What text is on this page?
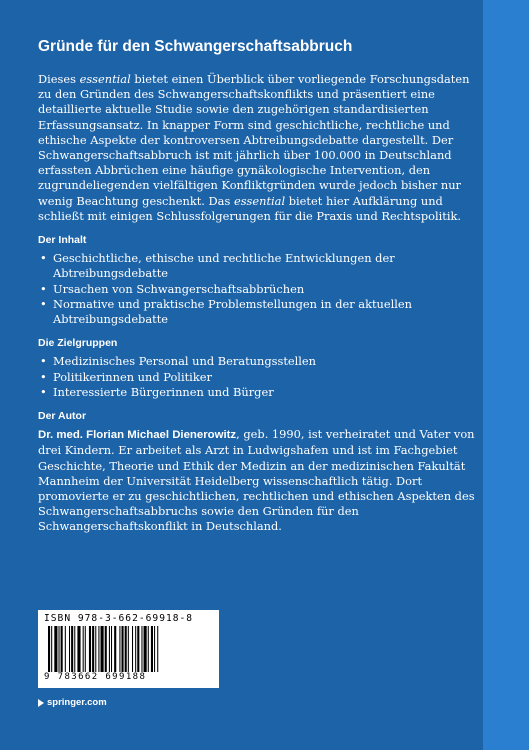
Gründe für den Schwangerschaftsabbruch

Dieses essential bietet einen Überblick über vorliegende Forschungsdaten zu den Gründen des Schwangerschaftskonflikts und präsentiert eine detaillierte aktuelle Studie sowie den zugehörigen standardisierten Erfassungsansatz. In knapper Form sind geschichtliche, rechtliche und ethische Aspekte der kontroversen Abtreibungsdebatte dargestellt. Der Schwangerschaftsabbruch ist mit jährlich über 100.000 in Deutschland erfassten Abbrüchen eine häufige gynäkologische Intervention, den zugrundeliegenden vielfältigen Konfliktgründen wurde jedoch bisher nur wenig Beachtung geschenkt. Das essential bietet hier Aufklärung und schließt mit einigen Schlussfolgerungen für die Praxis und Rechtspolitik.

Der Inhalt
• Geschichtliche, ethische und rechtliche Entwicklungen der Abtreibungsdebatte
• Ursachen von Schwangerschaftsabbrüchen
• Normative und praktische Problemstellungen in der aktuellen Abtreibungsdebatte
Die Zielgruppen
• Medizinisches Personal und Beratungsstellen
• Politikerinnen und Politiker
• Interessierte Bürgerinnen und Bürger
Der Autor

Dr. med. Florian Michael Dienerowitz, geb. 1990, ist verheiratet und Vater von drei Kindern. Er arbeitet als Arzt in Ludwigshafen und ist im Fachgebiet Geschichte, Theorie und Ethik der Medizin an der medizinischen Fakultät Mannheim der Universität Heidelberg wissenschaftlich tätig. Dort promovierte er zu geschichtlichen, rechtlichen und ethischen Aspekten des Schwangerschaftsabbruchs sowie den Gründen für den Schwangerschaftskonflikt in Deutschland.

ISBN 978-3-662-69918-8
9 783662 699188
springer.com
